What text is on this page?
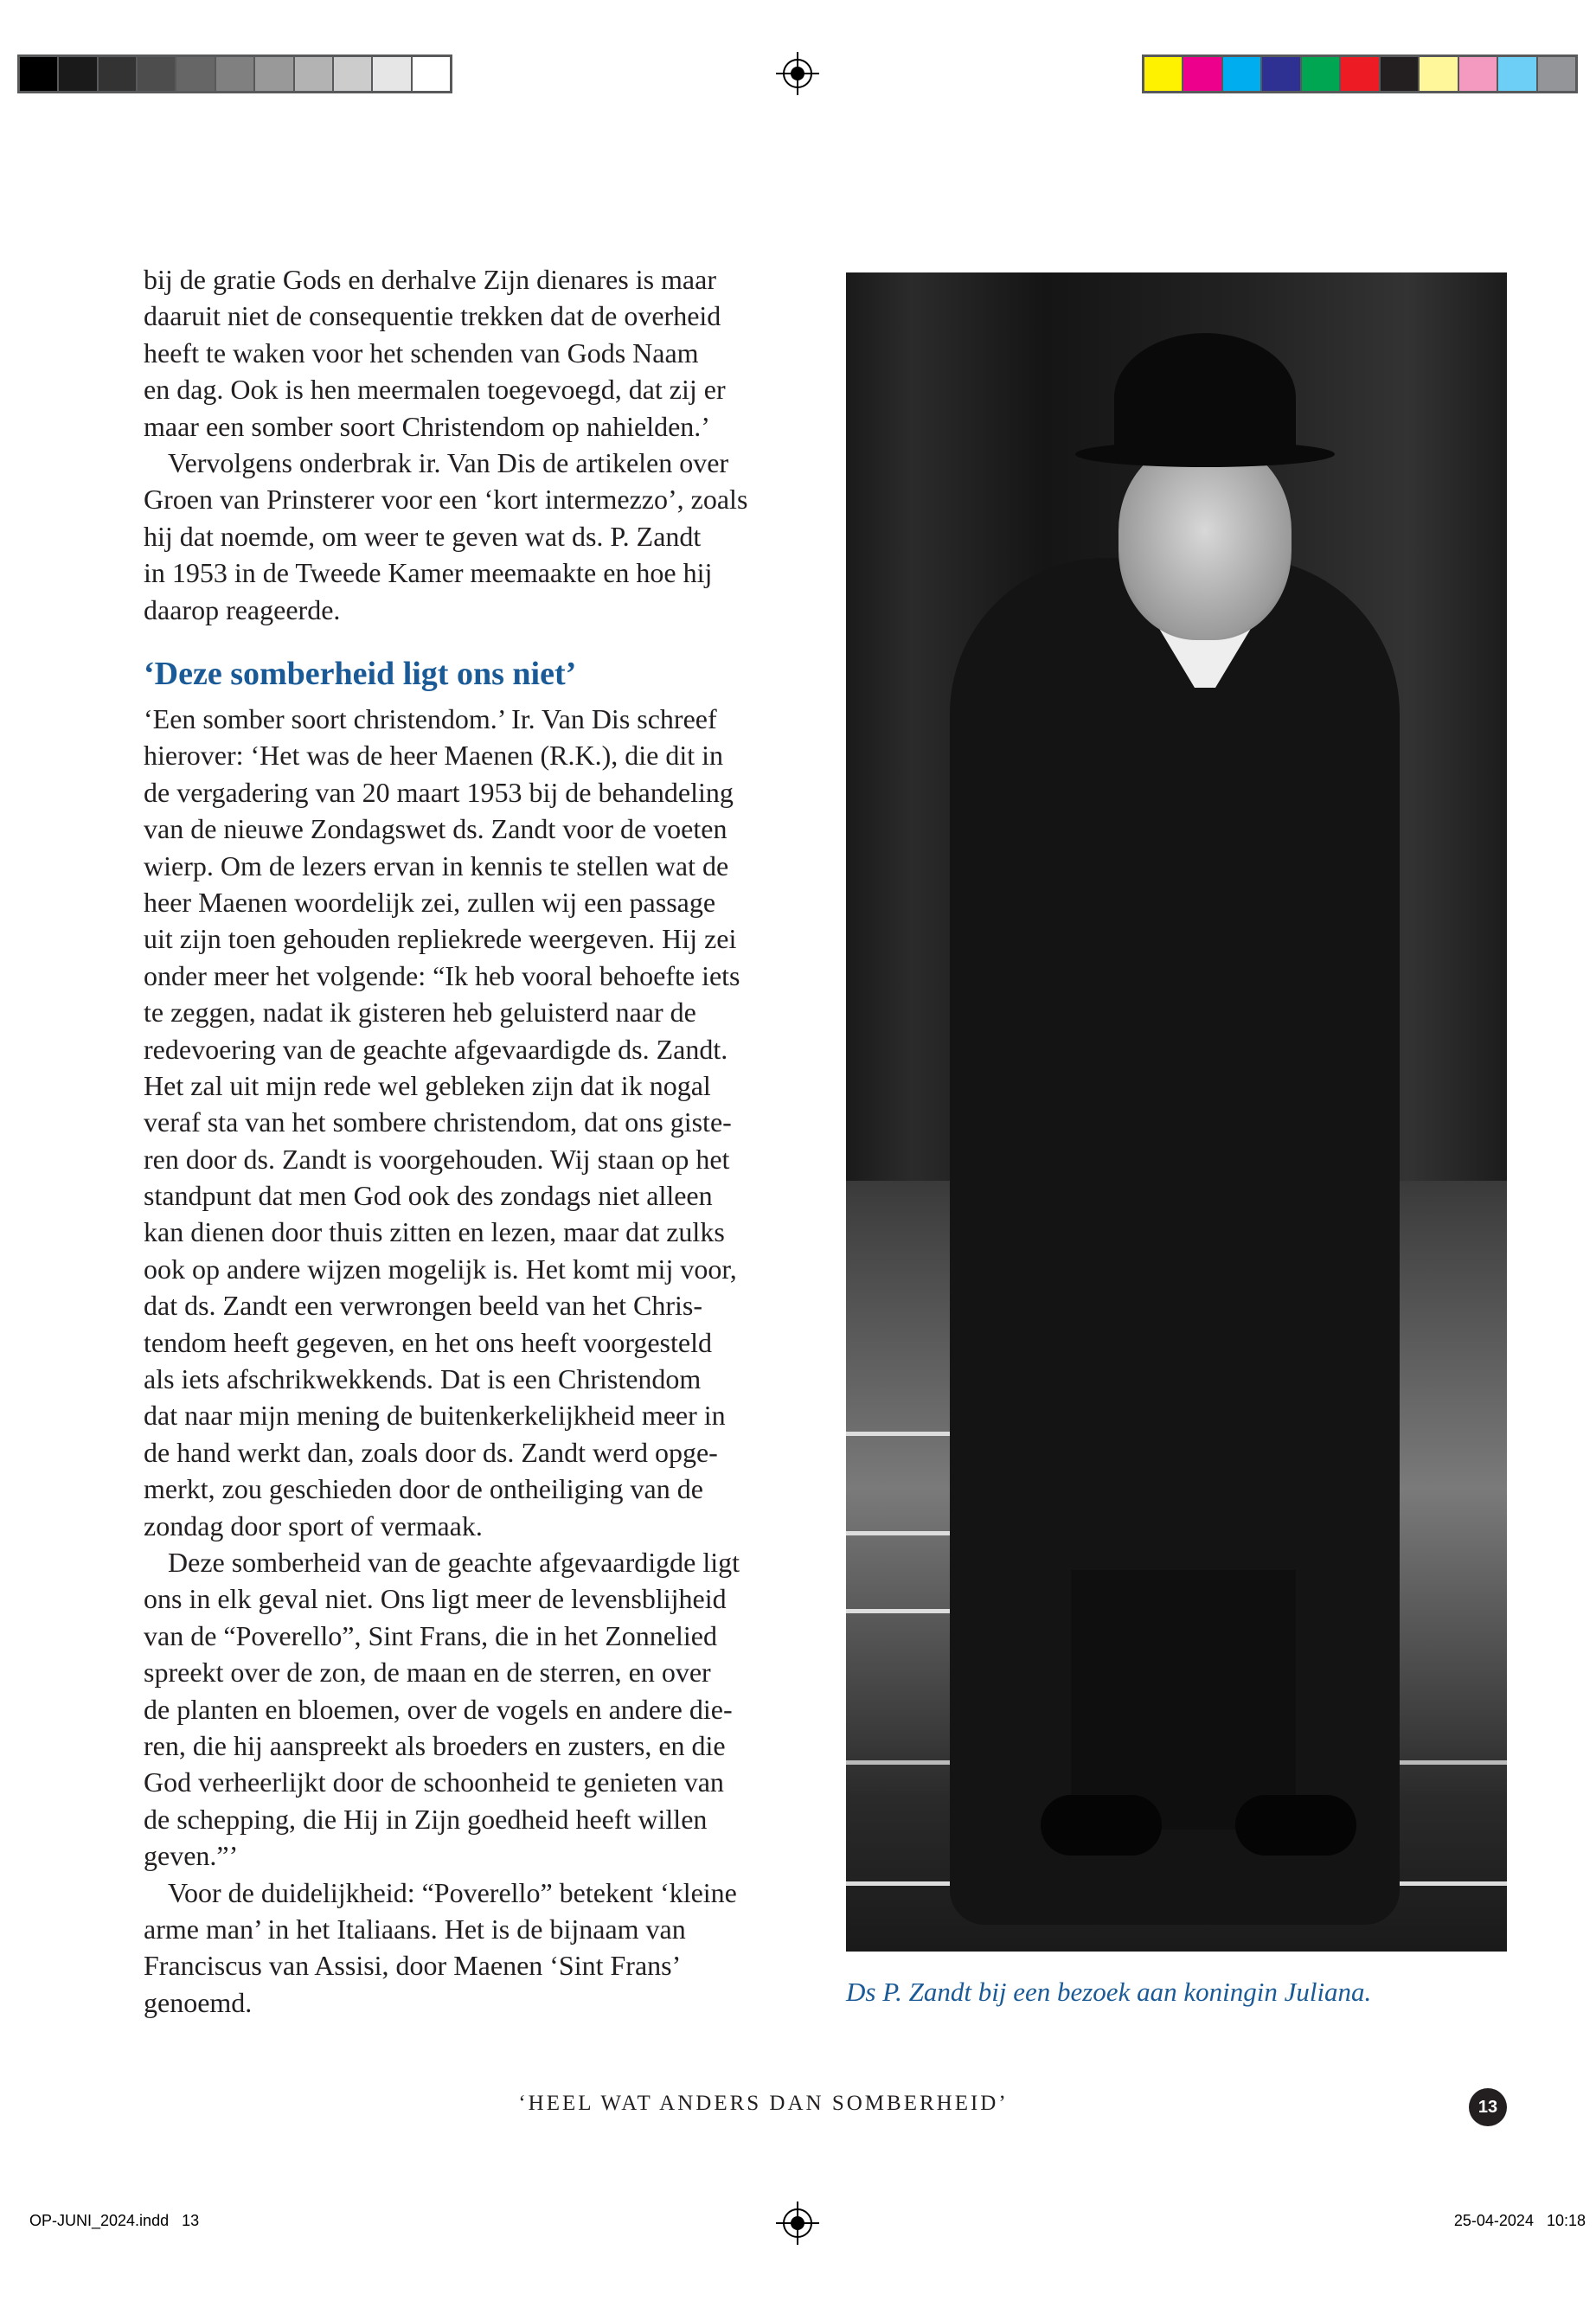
bij de gratie Gods en derhalve Zijn dienares is maar
daaruit niet de consequentie trekken dat de overheid
heeft te waken voor het schenden van Gods Naam
en dag. Ook is hen meermalen toegevoegd, dat zij er
maar een somber soort Christendom op nahielden.’
Vervolgens onderbrak ir. Van Dis de artikelen over
Groen van Prinsterer voor een ‘kort intermezzo’, zoals
hij dat noemde, om weer te geven wat ds. P. Zandt
in 1953 in de Tweede Kamer meemaakte en hoe hij
daarop reageerde.
‘Deze somberheid ligt ons niet’
‘Een somber soort christendom.’ Ir. Van Dis schreef
hierover: ‘Het was de heer Maenen (R.K.), die dit in
de vergadering van 20 maart 1953 bij de behandeling
van de nieuwe Zondagswet ds. Zandt voor de voeten
wierp. Om de lezers ervan in kennis te stellen wat de
heer Maenen woordelijk zei, zullen wij een passage
uit zijn toen gehouden repliekrede weergeven. Hij zei
onder meer het volgende: “Ik heb vooral behoefte iets
te zeggen, nadat ik gisteren heb geluisterd naar de
redevoering van de geachte afgevaardigde ds. Zandt.
Het zal uit mijn rede wel gebleken zijn dat ik nogal
veraf sta van het sombere christendom, dat ons giste-
ren door ds. Zandt is voorgehouden. Wij staan op het
standpunt dat men God ook des zondags niet alleen
kan dienen door thuis zitten en lezen, maar dat zulks
ook op andere wijzen mogelijk is. Het komt mij voor,
dat ds. Zandt een verwrongen beeld van het Chris-
tendom heeft gegeven, en het ons heeft voorgesteld
als iets afschrikwekkends. Dat is een Christendom
dat naar mijn mening de buitenkerkelijkheid meer in
de hand werkt dan, zoals door ds. Zandt werd opge-
merkt, zou geschieden door de ontheiliging van de
zondag door sport of vermaak.
Deze somberheid van de geachte afgevaardigde ligt
ons in elk geval niet. Ons ligt meer de levensblijheid
van de “Poverello”, Sint Frans, die in het Zonnelied
spreekt over de zon, de maan en de sterren, en over
de planten en bloemen, over de vogels en andere die-
ren, die hij aanspreekt als broeders en zusters, en die
God verheerlijkt door de schoonheid te genieten van
de schepping, die Hij in Zijn goedheid heeft willen
geven.”’
Voor de duidelijkheid: “Poverello” betekent ‘kleine
arme man’ in het Italiaans. Het is de bijnaam van
Franciscus van Assisi, door Maenen ‘Sint Frans’
genoemd.	Ds P. Zandt bij een bezoek aan koningin Juliana.
‘HEEL WAT ANDERS DAN SOMBERHEID’	13
OP-JUNI_2024.indd   13	25-04-2024   10:18
